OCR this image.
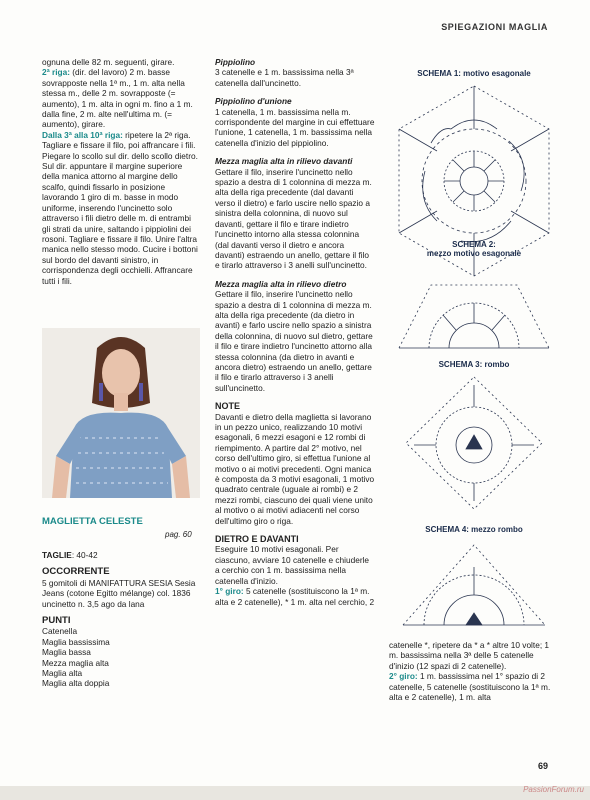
SPIEGAZIONI MAGLIA

ognuna delle 82 m. seguenti, girare.

2ª riga: (dir. del lavoro) 2 m. basse sovrapposte nella 1ª m., 1 m. alta nella stessa m., delle 2 m. sovrapposte (= aumento), 1 m. alta in ogni m. fino a 1 m. dalla fine, 2 m. alte nell'ultima m. (= aumento), girare.

Dalla 3ª alla 10ª riga: ripetere la 2ª riga. Tagliare e fissare il filo, poi affrancare i fili. Piegare lo scollo sul dir. dello scollo dietro. Sul dir. appuntare il margine superiore della manica attorno al margine dello scalfo, quindi fissarlo in posizione lavorando 1 giro di m. basse in modo uniforme, inserendo l'uncinetto solo attraverso i fili dietro delle m. di entrambi gli strati da unire, saltando i pippiolini dei rosoni. Tagliare e fissare il filo. Unire l'altra manica nello stesso modo. Cucire i bottoni sul bordo del davanti sinistro, in corrispondenza degli occhielli. Affrancare tutti i fili.

MAGLIETTA CELESTE
pag. 60
TAGLIE: 40-42
OCCORRENTE
5 gomitoli di MANIFATTURA SESIA Sesia Jeans (cotone Egitto mélange) col. 1836 uncinetto n. 3,5 ago da lana
PUNTI
Catenella
Maglia bassissima
Maglia bassa
Mezza maglia alta
Maglia alta
Maglia alta doppia

Pippiolino

3 catenelle e 1 m. bassissima nella 3ª catenella dall'uncinetto.

Pippiolino d'unione

1 catenella, 1 m. bassissima nella m. corrispondente del margine in cui effettuare l'unione, 1 catenella, 1 m. bassissima nella catenella d'inizio del pippiolino.

Mezza maglia alta in rilievo davanti

Gettare il filo, inserire l'uncinetto nello spazio a destra di 1 colonnina di mezza m. alta della riga precedente (dal davanti verso il dietro) e farlo uscire nello spazio a sinistra della colonnina, di nuovo sul davanti, gettare il filo e tirare indietro l'uncinetto intorno alla stessa colonnina (dal davanti verso il dietro e ancora davanti) estraendo un anello, gettare il filo e tirarlo attraverso i 3 anelli sull'uncinetto.

Mezza maglia alta in rilievo dietro

Gettare il filo, inserire l'uncinetto nello spazio a destra di 1 colonnina di mezza m. alta della riga precedente (da dietro in avanti) e farlo uscire nello spazio a sinistra della colonnina, di nuovo sul dietro, gettare il filo e tirare indietro l'uncinetto attorno alla stessa colonnina (da dietro in avanti e ancora dietro) estraendo un anello, gettare il filo e tirarlo attraverso i 3 anelli sull'uncinetto.

NOTE

Davanti e dietro della maglietta si lavorano in un pezzo unico, realizzando 10 motivi esagonali, 6 mezzi esagoni e 12 rombi di riempimento. A partire dal 2° motivo, nel corso dell'ultimo giro, si effettua l'unione al motivo o ai motivi precedenti. Ogni manica è composta da 3 motivi esagonali, 1 motivo quadrato centrale (uguale ai rombi) e 2 mezzi rombi, ciascuno dei quali viene unito al motivo o ai motivi adiacenti nel corso dell'ultimo giro o riga.

DIETRO E DAVANTI

Eseguire 10 motivi esagonali. Per ciascuno, avviare 10 catenelle e chiuderle a cerchio con 1 m. bassissima nella catenella d'inizio.

1° giro: 5 catenelle (sostituiscono la 1ª m. alta e 2 catenelle), * 1 m. alta nel cerchio, 2

SCHEMA 1: motivo esagonale
SCHEMA 2:
mezzo motivo esagonale
SCHEMA 3: rombo
SCHEMA 4: mezzo rombo

catenelle *, ripetere da * a * altre 10 volte; 1 m. bassissima nella 3ª delle 5 catenelle d'inizio (12 spazi di 2 catenelle).

2° giro: 1 m. bassissima nel 1° spazio di 2 catenelle, 5 catenelle (sostituiscono la 1ª m. alta e 2 catenelle), 1 m. alta

69
PassionForum.ru
